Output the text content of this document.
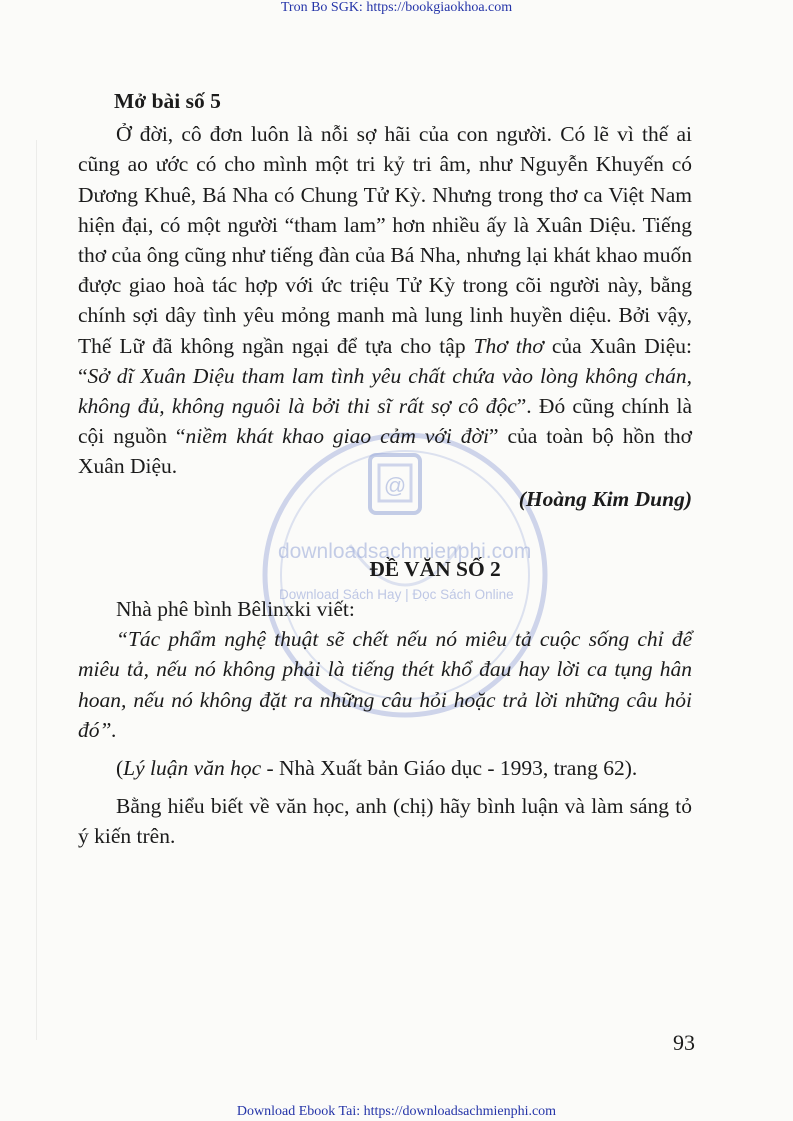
Tron Bo SGK: https://bookgiaokhoa.com
@
downloadsachmienphi.com
Download Sách Hay | Đọc Sách Online

Mở bài số 5

Ở đời, cô đơn luôn là nỗi sợ hãi của con người. Có lẽ vì thế ai cũng ao ước có cho mình một tri kỷ tri âm, như Nguyễn Khuyến có Dương Khuê, Bá Nha có Chung Tử Kỳ. Nhưng trong thơ ca Việt Nam hiện đại, có một người “tham lam” hơn nhiều ấy là Xuân Diệu. Tiếng thơ của ông cũng như tiếng đàn của Bá Nha, nhưng lại khát khao muốn được giao hoà tác hợp với ức triệu Tử Kỳ trong cõi người này, bằng chính sợi dây tình yêu mỏng manh mà lung linh huyền diệu. Bởi vậy, Thế Lữ đã không ngần ngại để tựa cho tập Thơ thơ của Xuân Diệu: “Sở dĩ Xuân Diệu tham lam tình yêu chất chứa vào lòng không chán, không đủ, không nguôi là bởi thi sĩ rất sợ cô độc”. Đó cũng chính là cội nguồn “niềm khát khao giao cảm với đời” của toàn bộ hồn thơ Xuân Diệu.

(Hoàng Kim Dung)

ĐỀ VĂN SỐ 2

Nhà phê bình Bêlinxki viết:

“Tác phẩm nghệ thuật sẽ chết nếu nó miêu tả cuộc sống chỉ để miêu tả, nếu nó không phải là tiếng thét khổ đau hay lời ca tụng hân hoan, nếu nó không đặt ra những câu hỏi hoặc trả lời những câu hỏi đó”.

(Lý luận văn học - Nhà Xuất bản Giáo dục - 1993, trang 62).

Bằng hiểu biết về văn học, anh (chị) hãy bình luận và làm sáng tỏ ý kiến trên.

93
Download Ebook Tai: https://downloadsachmienphi.com
